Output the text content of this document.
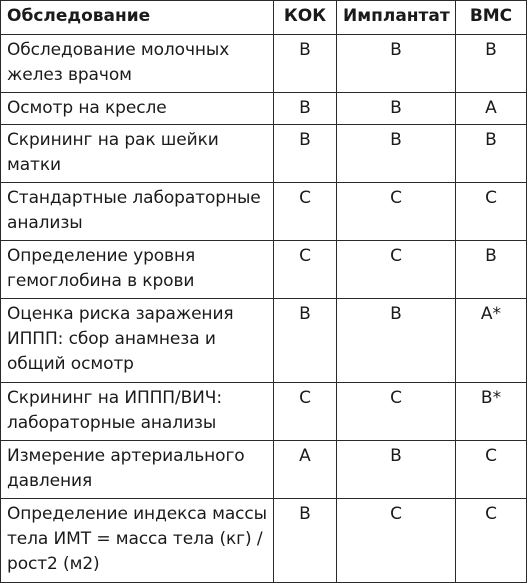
Обследование	КОК	Имплантат	ВМС
Обследование молочных желез врачом	B	B	B
Осмотр на кресле	B	B	A
Скрининг на рак шейки матки	B	B	B
Стандартные лабораторные анализы	C	C	C
Определение уровня гемоглобина в крови	C	C	B
Оценка риска заражения ИППП: сбор анамнеза и общий осмотр	B	B	A*
Скрининг на ИППП/ВИЧ: лабораторные анализы	C	C	B*
Измерение артериального давления	A	B	C
Определение индекса массы тела ИМТ = масса тела (кг) / рост2 (м2)	B	C	C
